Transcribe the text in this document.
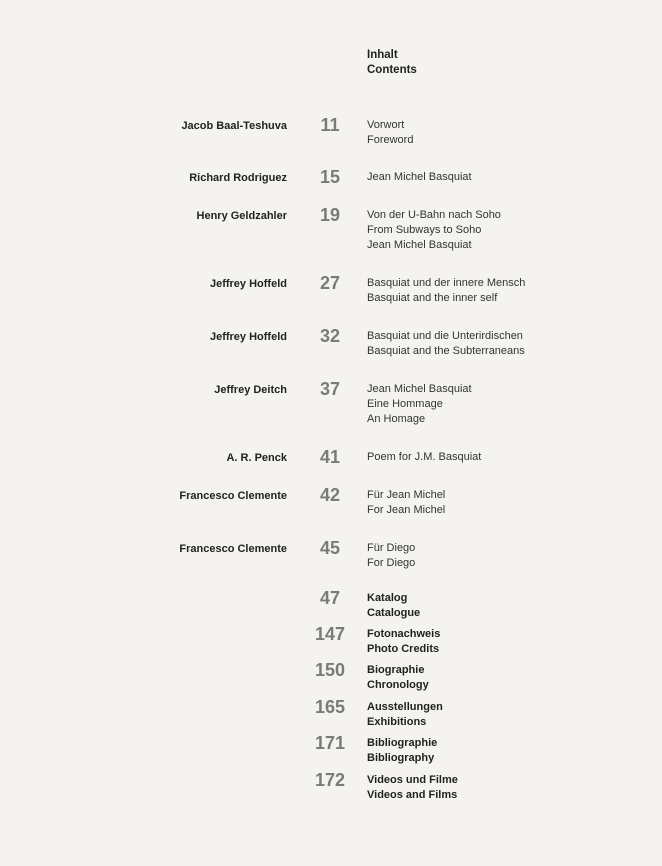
Inhalt
Contents
Jacob Baal-Teshuva	11	Vorwort
Foreword
Richard Rodriguez	15	Jean Michel Basquiat
Henry Geldzahler	19	Von der U-Bahn nach Soho
From Subways to Soho
Jean Michel Basquiat
Jeffrey Hoffeld	27	Basquiat und der innere Mensch
Basquiat and the inner self
Jeffrey Hoffeld	32	Basquiat und die Unterirdischen
Basquiat and the Subterraneans
Jeffrey Deitch	37	Jean Michel Basquiat
Eine Hommage
An Homage
A. R. Penck	41	Poem for J.M. Basquiat
Francesco Clemente	42	Für Jean Michel
For Jean Michel
Francesco Clemente	45	Für Diego
For Diego
47	Katalog
Catalogue
147	Fotonachweis
Photo Credits
150	Biographie
Chronology
165	Ausstellungen
Exhibitions
171	Bibliographie
Bibliography
172	Videos und Filme
Videos and Films
